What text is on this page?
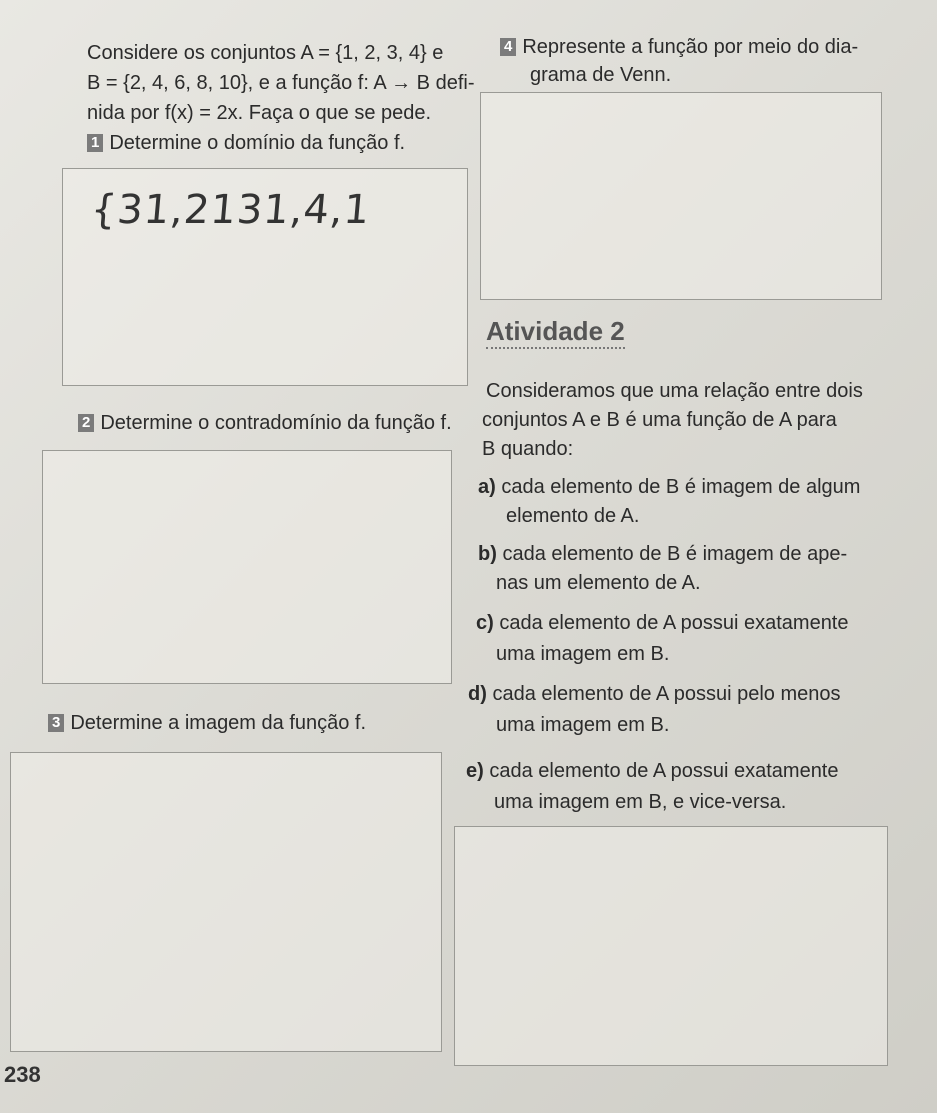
Considere os conjuntos A = {1, 2, 3, 4} e
B = {2, 4, 6, 8, 10}, e a função f: A → B defi-
nida por f(x) = 2x. Faça o que se pede.
1 Determine o domínio da função f.
{31,2131,4,1
2 Determine o contradomínio da função f.
3 Determine a imagem da função f.
4 Represente a função por meio do dia-
grama de Venn.
Atividade 2
Consideramos que uma relação entre dois
conjuntos A e B é uma função de A para
B quando:
a) cada elemento de B é imagem de algum
elemento de A.
b) cada elemento de B é imagem de ape-
nas um elemento de A.
c) cada elemento de A possui exatamente
uma imagem em B.
d) cada elemento de A possui pelo menos
uma imagem em B.
e) cada elemento de A possui exatamente
uma imagem em B, e vice-versa.
238
